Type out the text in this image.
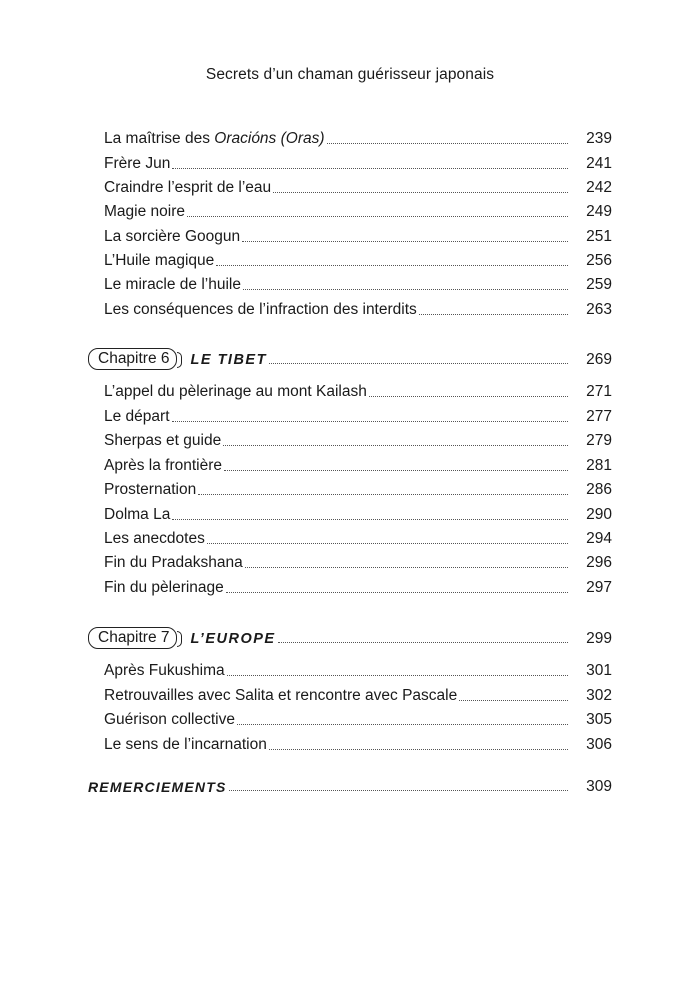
Secrets d’un chaman guérisseur japonais
La maîtrise des Oraciónѕ (Oras)	239
Frère Jun	241
Craindre l’esprit de l’eau	242
Magie noire	249
La sorcière Googun	251
L’Huile magique	256
Le miracle de l’huile	259
Les conséquences de l’infraction des interdits	263
Chapitre 6	LE TIBET	269
L’appel du pèlerinage au mont Kailash	271
Le départ	277
Sherpas et guide	279
Après la frontière	281
Prosternation	286
Dolma La	290
Les anecdotes	294
Fin du Pradakshana	296
Fin du pèlerinage	297
Chapitre 7	L’EUROPE	299
Après Fukushima	301
Retrouvailles avec Salita et rencontre avec Pascale	302
Guérison collective	305
Le sens de l’incarnation	306
REMERCIEMENTS	309
